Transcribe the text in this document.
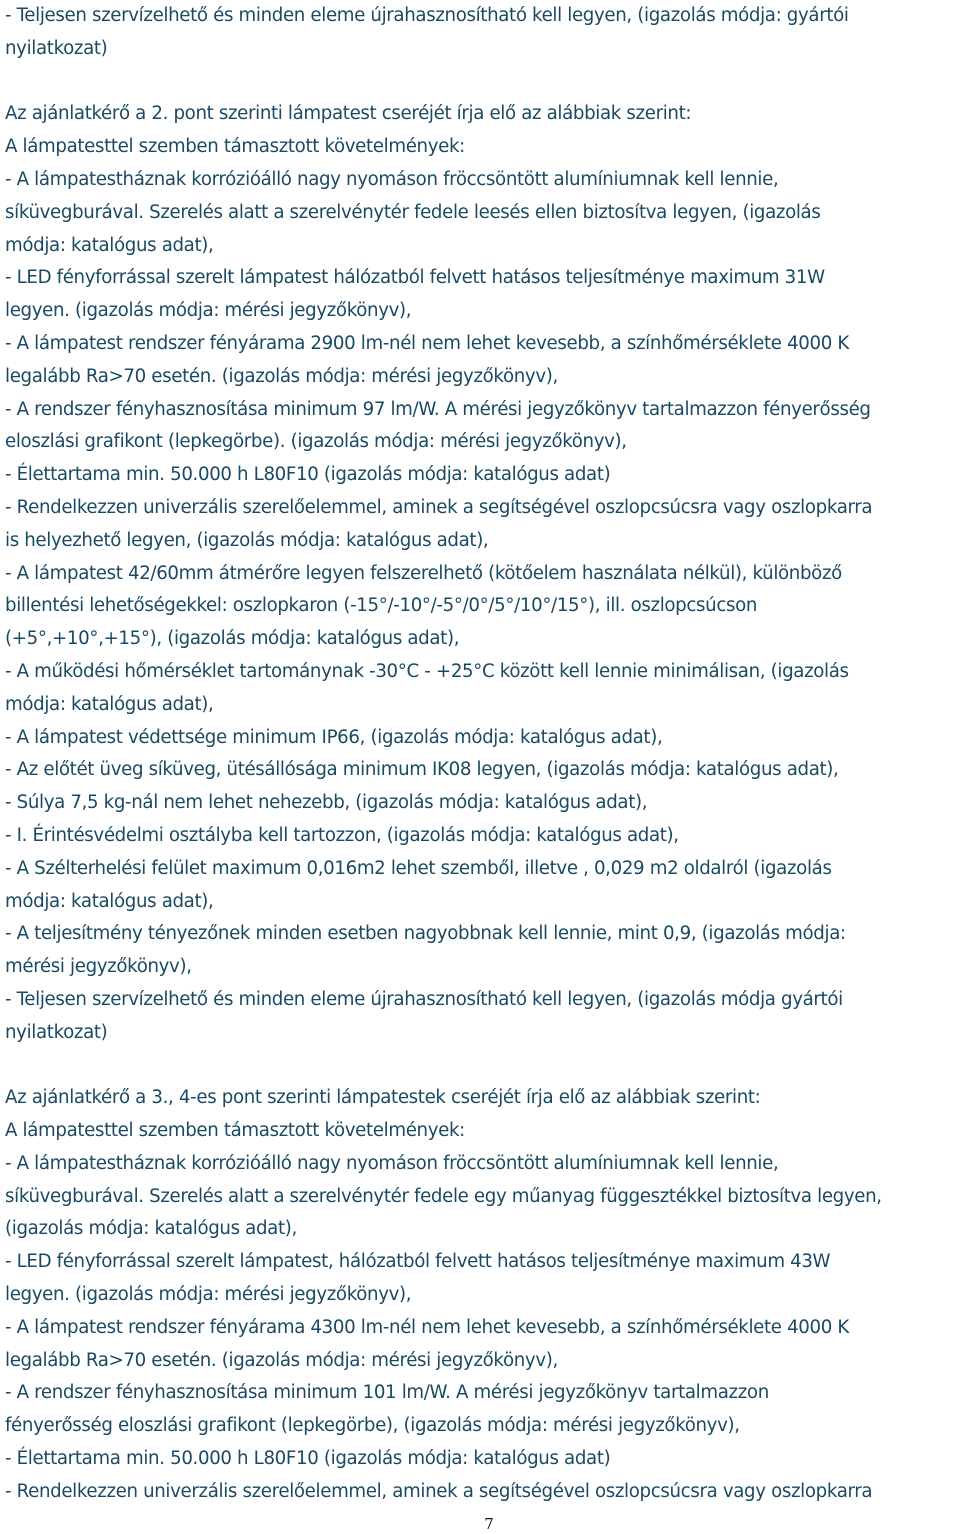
- Teljesen szervízelhető és minden eleme újrahasznosítható kell legyen, (igazolás módja: gyártói
nyilatkozat)
Az ajánlatkérő a 2. pont szerinti lámpatest cseréjét írja elő az alábbiak szerint:
A lámpatesttel szemben támasztott követelmények:
- A lámpatestháznak korrózióálló nagy nyomáson fröccsöntött alumíniumnak kell lennie,
síküvegburával. Szerelés alatt a szerelvénytér fedele leesés ellen biztosítva legyen, (igazolás
módja: katalógus adat),
- LED fényforrással szerelt lámpatest hálózatból felvett hatásos teljesítménye maximum 31W
legyen. (igazolás módja: mérési jegyzőkönyv),
- A lámpatest rendszer fényárama 2900 lm-nél nem lehet kevesebb, a színhőmérséklete 4000 K
legalább Ra>70 esetén. (igazolás módja: mérési jegyzőkönyv),
- A rendszer fényhasznosítása minimum 97 lm/W. A mérési jegyzőkönyv tartalmazzon fényerősség
eloszlási grafikont (lepkegörbe). (igazolás módja: mérési jegyzőkönyv),
- Élettartama min. 50.000 h L80F10 (igazolás módja: katalógus adat)
- Rendelkezzen univerzális szerelőelemmel, aminek a segítségével oszlopcsúcsra vagy oszlopkarra
is helyezhető legyen, (igazolás módja: katalógus adat),
- A lámpatest 42/60mm átmérőre legyen felszerelhető (kötőelem használata nélkül), különböző
billentési lehetőségekkel: oszlopkaron (-15°/-10°/-5°/0°/5°/10°/15°), ill. oszlopcsúcson
(+5°,+10°,+15°), (igazolás módja: katalógus adat),
- A működési hőmérséklet tartománynak -30°C - +25°C között kell lennie minimálisan, (igazolás
módja: katalógus adat),
- A lámpatest védettsége minimum IP66, (igazolás módja: katalógus adat),
- Az előtét üveg síküveg, ütésállósága minimum IK08 legyen, (igazolás módja: katalógus adat),
- Súlya 7,5 kg-nál nem lehet nehezebb, (igazolás módja: katalógus adat),
- I. Érintésvédelmi osztályba kell tartozzon, (igazolás módja: katalógus adat),
- A Szélterhelési felület maximum 0,016m2 lehet szemből, illetve , 0,029 m2 oldalról (igazolás
módja: katalógus adat),
- A teljesítmény tényezőnek minden esetben nagyobbnak kell lennie, mint 0,9, (igazolás módja:
mérési jegyzőkönyv),
- Teljesen szervízelhető és minden eleme újrahasznosítható kell legyen, (igazolás módja gyártói
nyilatkozat)
Az ajánlatkérő a 3., 4-es pont szerinti lámpatestek cseréjét írja elő az alábbiak szerint:
A lámpatesttel szemben támasztott követelmények:
- A lámpatestháznak korrózióálló nagy nyomáson fröccsöntött alumíniumnak kell lennie,
síküvegburával. Szerelés alatt a szerelvénytér fedele egy műanyag függesztékkel biztosítva legyen,
(igazolás módja: katalógus adat),
- LED fényforrással szerelt lámpatest, hálózatból felvett hatásos teljesítménye maximum 43W
legyen. (igazolás módja: mérési jegyzőkönyv),
- A lámpatest rendszer fényárama 4300 lm-nél nem lehet kevesebb, a színhőmérséklete 4000 K
legalább Ra>70 esetén. (igazolás módja: mérési jegyzőkönyv),
- A rendszer fényhasznosítása minimum 101 lm/W. A mérési jegyzőkönyv tartalmazzon
fényerősség eloszlási grafikont (lepkegörbe), (igazolás módja: mérési jegyzőkönyv),
- Élettartama min. 50.000 h L80F10 (igazolás módja: katalógus adat)
- Rendelkezzen univerzális szerelőelemmel, aminek a segítségével oszlopcsúcsra vagy oszlopkarra
7
